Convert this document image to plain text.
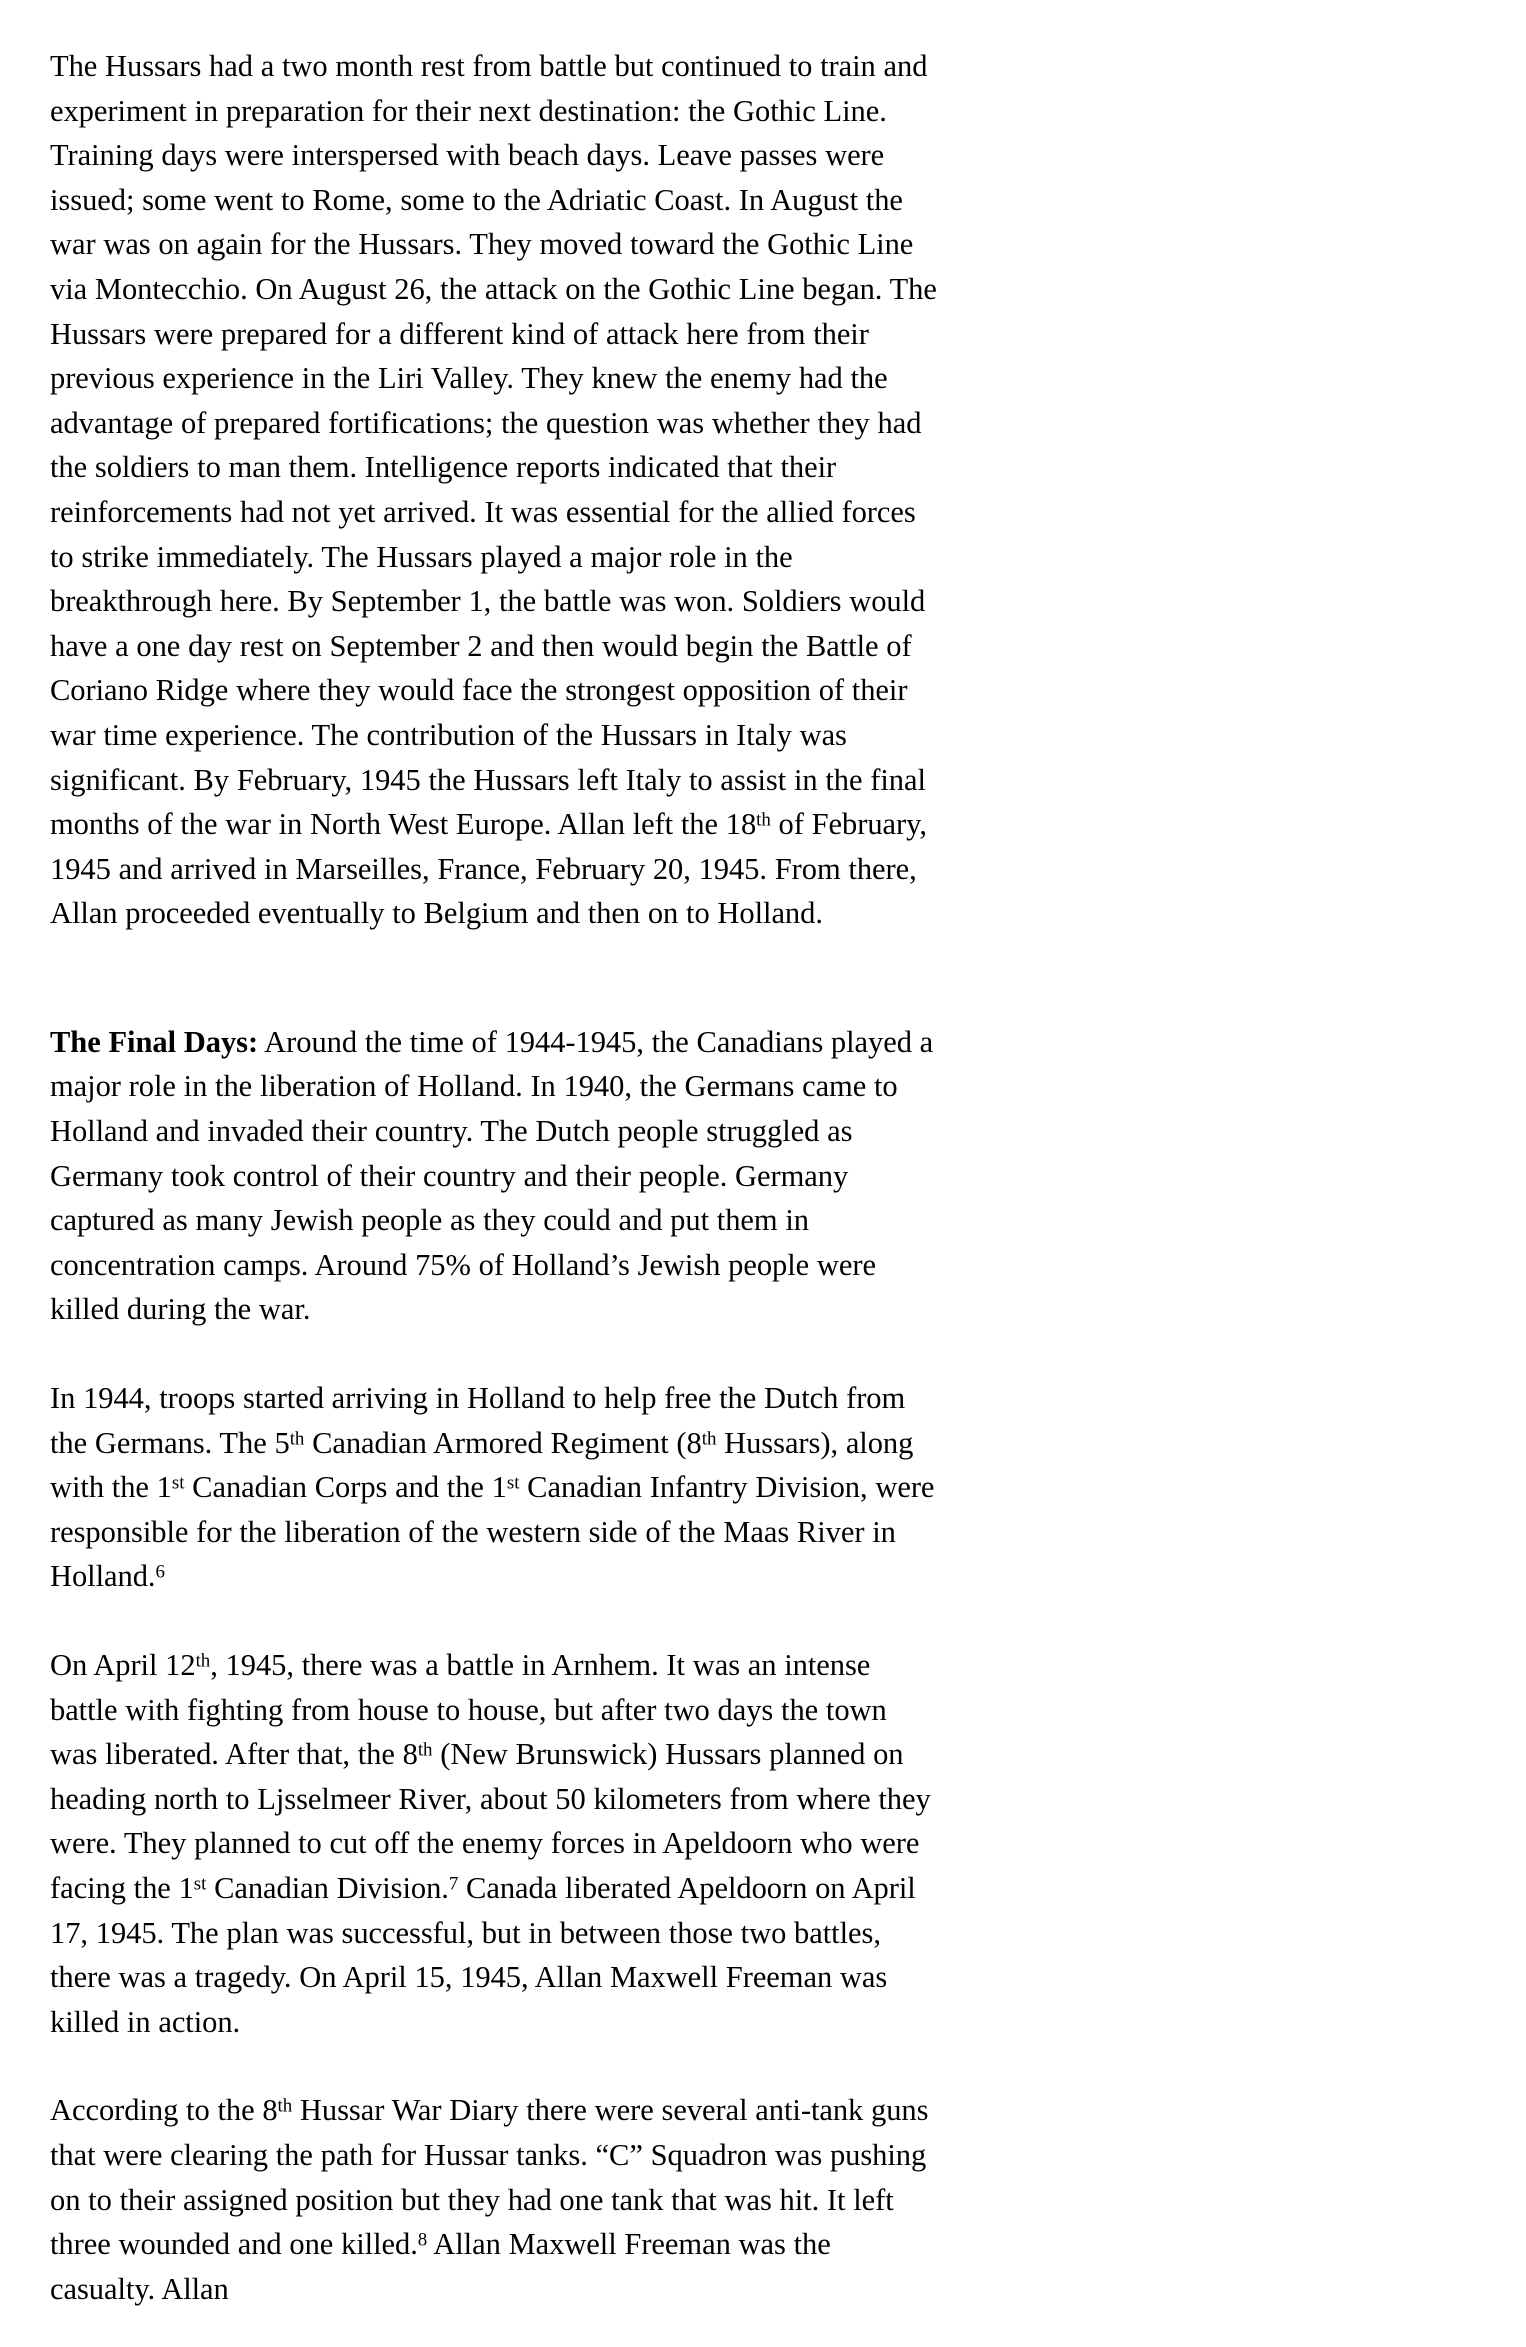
The Hussars had a two month rest from battle but continued to train and experiment in preparation for their next destination: the Gothic Line. Training days were interspersed with beach days. Leave passes were issued; some went to Rome, some to the Adriatic Coast. In August the war was on again for the Hussars. They moved toward the Gothic Line via Montecchio. On August 26, the attack on the Gothic Line began. The Hussars were prepared for a different kind of attack here from their previous experience in the Liri Valley. They knew the enemy had the advantage of prepared fortifications; the question was whether they had the soldiers to man them. Intelligence reports indicated that their reinforcements had not yet arrived. It was essential for the allied forces to strike immediately. The Hussars played a major role in the breakthrough here. By September 1, the battle was won. Soldiers would have a one day rest on September 2 and then would begin the Battle of Coriano Ridge where they would face the strongest opposition of their war time experience. The contribution of the Hussars in Italy was significant. By February, 1945 the Hussars left Italy to assist in the final months of the war in North West Europe. Allan left the 18th of February, 1945 and arrived in Marseilles, France, February 20, 1945. From there, Allan proceeded eventually to Belgium and then on to Holland.

The Final Days: Around the time of 1944-1945, the Canadians played a major role in the liberation of Holland. In 1940, the Germans came to Holland and invaded their country. The Dutch people struggled as Germany took control of their country and their people. Germany captured as many Jewish people as they could and put them in concentration camps. Around 75% of Holland’s Jewish people were killed during the war.

In 1944, troops started arriving in Holland to help free the Dutch from the Germans. The 5th Canadian Armored Regiment (8th Hussars), along with the 1st Canadian Corps and the 1st Canadian Infantry Division, were responsible for the liberation of the western side of the Maas River in Holland.$^6$

On April 12th, 1945, there was a battle in Arnhem. It was an intense battle with fighting from house to house, but after two days the town was liberated. After that, the 8th (New Brunswick) Hussars planned on heading north to Ljsselmeer River, about 50 kilometers from where they were. They planned to cut off the enemy forces in Apeldoorn who were facing the 1st Canadian Division.$^7$ Canada liberated Apeldoorn on April 17, 1945. The plan was successful, but in between those two battles, there was a tragedy. On April 15, 1945, Allan Maxwell Freeman was killed in action.

According to the 8th Hussar War Diary there were several anti-tank guns that were clearing the path for Hussar tanks. “C” Squadron was pushing on to their assigned position but they had one tank that was hit. It left three wounded and one killed.$^8$ Allan Maxwell Freeman was the casualty. Allan
